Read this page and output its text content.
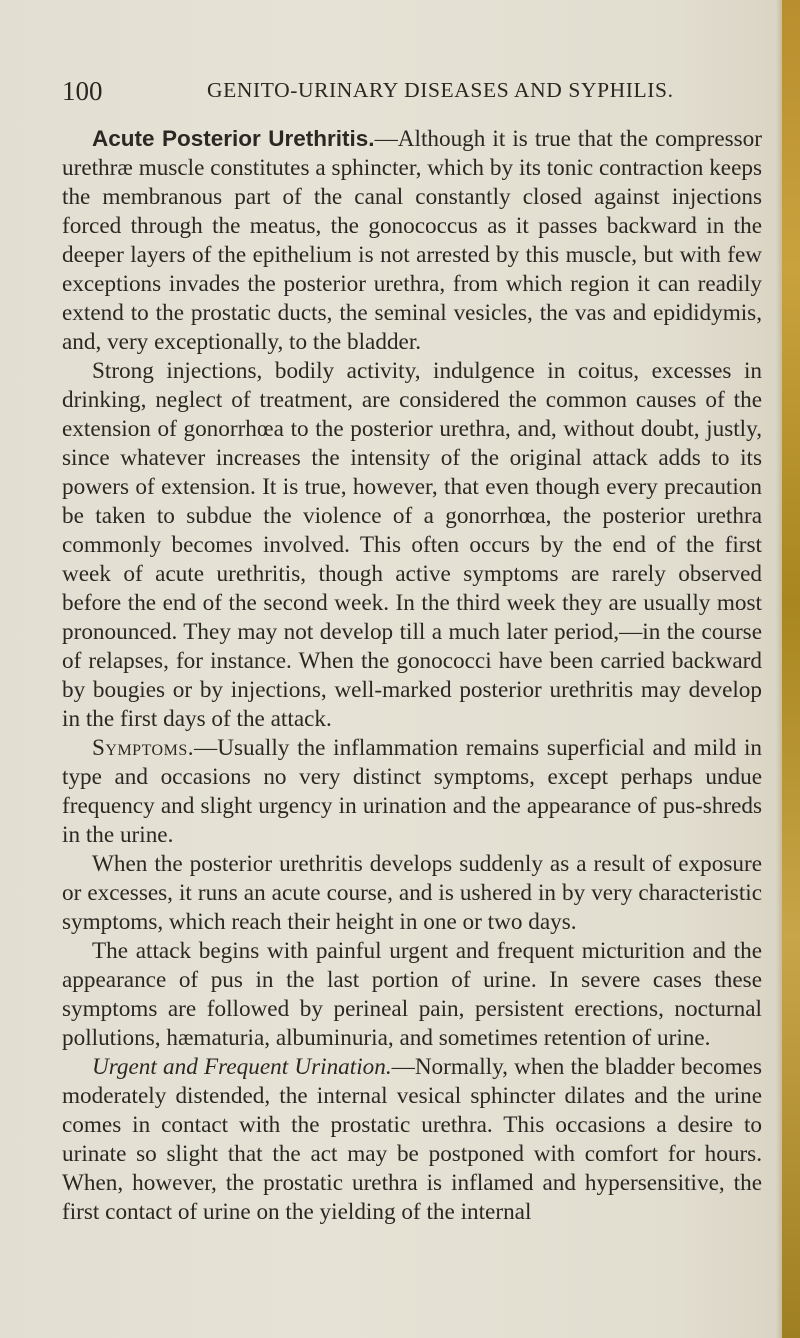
100	GENITO-URINARY DISEASES AND SYPHILIS.

Acute Posterior Urethritis.—Although it is true that the compressor urethræ muscle constitutes a sphincter, which by its tonic contraction keeps the membranous part of the canal constantly closed against injections forced through the meatus, the gonococcus as it passes backward in the deeper layers of the epithelium is not arrested by this muscle, but with few exceptions invades the posterior urethra, from which region it can readily extend to the prostatic ducts, the seminal vesicles, the vas and epididymis, and, very exceptionally, to the bladder.

Strong injections, bodily activity, indulgence in coitus, excesses in drinking, neglect of treatment, are considered the common causes of the extension of gonorrhœa to the posterior urethra, and, without doubt, justly, since whatever increases the intensity of the original attack adds to its powers of extension. It is true, however, that even though every precaution be taken to subdue the violence of a gonorrhœa, the posterior urethra commonly becomes involved. This often occurs by the end of the first week of acute urethritis, though active symptoms are rarely observed before the end of the second week. In the third week they are usually most pronounced. They may not develop till a much later period,—in the course of relapses, for instance. When the gonococci have been carried backward by bougies or by injections, well-marked posterior urethritis may develop in the first days of the attack.

Symptoms.—Usually the inflammation remains superficial and mild in type and occasions no very distinct symptoms, except perhaps undue frequency and slight urgency in urination and the appearance of pus-shreds in the urine.

When the posterior urethritis develops suddenly as a result of exposure or excesses, it runs an acute course, and is ushered in by very characteristic symptoms, which reach their height in one or two days.

The attack begins with painful urgent and frequent micturition and the appearance of pus in the last portion of urine. In severe cases these symptoms are followed by perineal pain, persistent erections, nocturnal pollutions, hæmaturia, albuminuria, and sometimes retention of urine.

Urgent and Frequent Urination.—Normally, when the bladder becomes moderately distended, the internal vesical sphincter dilates and the urine comes in contact with the prostatic urethra. This occasions a desire to urinate so slight that the act may be postponed with comfort for hours. When, however, the prostatic urethra is inflamed and hypersensitive, the first contact of urine on the yielding of the internal
